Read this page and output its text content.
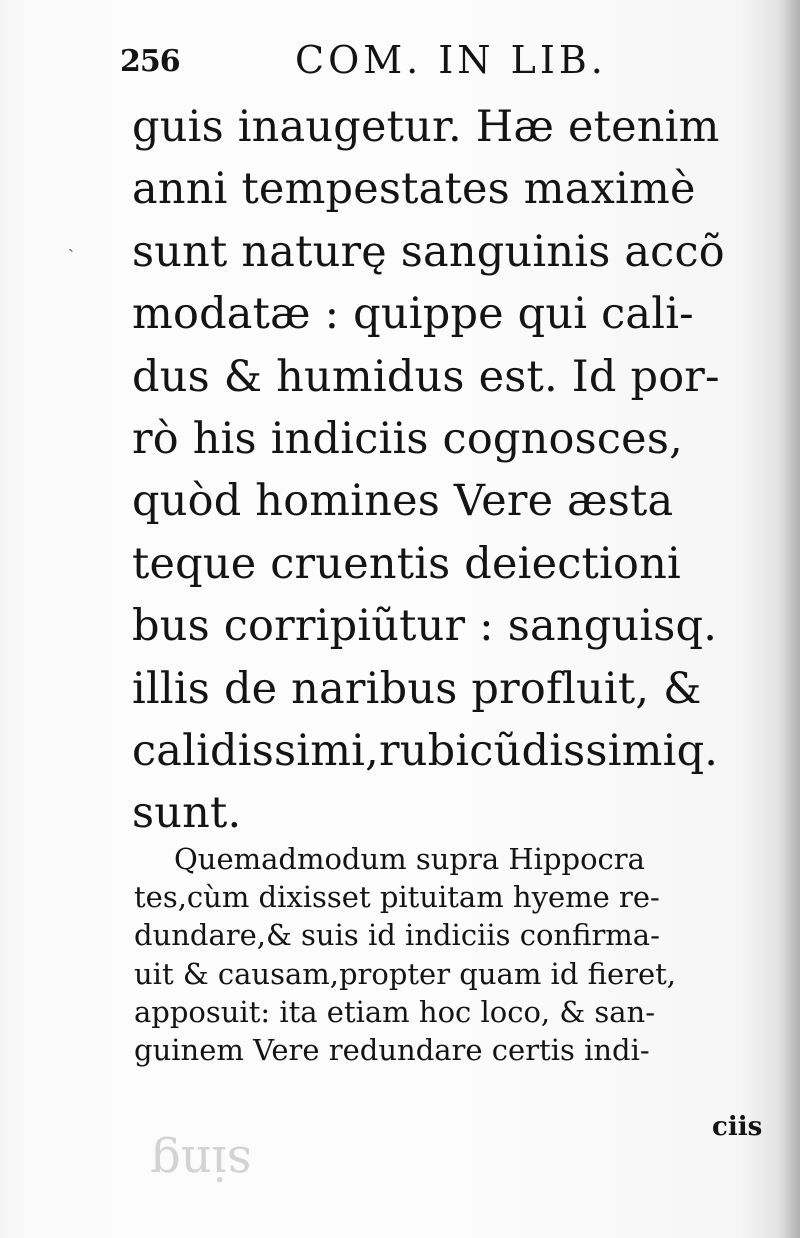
256	COM. IN LIB.
ˎ
guis inaugetur. Hæ etenim
anni tempestates maximè
sunt naturę sanguinis accõ
modatæ : quippe qui cali-
dus & humidus est. Id por-
rò his indiciis cognosces,
quòd homines Vere æsta
teque cruentis deiectioni
bus corripiũtur : sanguisq.
illis de naribus profluit, &
calidissimi,rubicũdissimiq.
sunt.
Quemadmodum supra Hippocra
tes,cùm dixisset pituitam hyeme re-
dundare,& suis id indiciis confirma-
uit & causam,propter quam id fieret,
apposuit: ita etiam hoc loco, & san-
guinem Vere redundare certis indi-
ciis
sing
